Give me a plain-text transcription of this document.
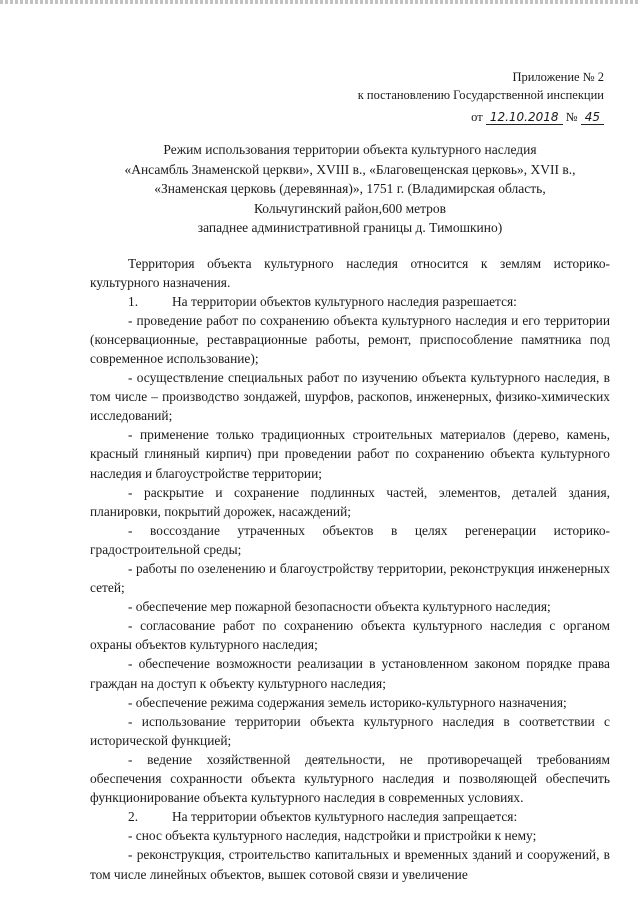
Приложение № 2
к постановлению Государственной инспекции
от 12.10.2018 № 45
Режим использования территории объекта культурного наследия
«Ансамбль Знаменской церкви», XVIII в., «Благовещенская церковь», XVII в.,
«Знаменская церковь (деревянная)», 1751 г. (Владимирская область,
Кольчугинский район,600 метров
западнее административной границы д. Тимошкино)

Территория объекта культурного наследия относится к землям историко-культурного назначения.

1.	На территории объектов культурного наследия разрешается:

- проведение работ по сохранению объекта культурного наследия и его территории (консервационные, реставрационные работы, ремонт, приспособление памятника под современное использование);

- осуществление специальных работ по изучению объекта культурного наследия, в том числе – производство зондажей, шурфов, раскопов, инженерных, физико-химических исследований;

- применение только традиционных строительных материалов (дерево, камень, красный глиняный кирпич) при проведении работ по сохранению объекта культурного наследия и благоустройстве территории;

- раскрытие и сохранение подлинных частей, элементов, деталей здания, планировки, покрытий дорожек, насаждений;

- воссоздание утраченных объектов в целях регенерации историко-градостроительной среды;

- работы по озеленению и благоустройству территории, реконструкция инженерных сетей;

- обеспечение мер пожарной безопасности объекта культурного наследия;

- согласование работ по сохранению объекта культурного наследия с органом охраны объектов культурного наследия;

- обеспечение возможности реализации в установленном законом порядке права граждан на доступ к объекту культурного наследия;

- обеспечение режима содержания земель историко-культурного назначения;

- использование территории объекта культурного наследия в соответствии с исторической функцией;

- ведение хозяйственной деятельности, не противоречащей требованиям обеспечения сохранности объекта культурного наследия и позволяющей обеспечить функционирование объекта культурного наследия в современных условиях.

2.	На территории объектов культурного наследия запрещается:

- снос объекта культурного наследия, надстройки и пристройки к нему;

- реконструкция, строительство капитальных и временных зданий и сооружений, в том числе линейных объектов, вышек сотовой связи и увеличение
